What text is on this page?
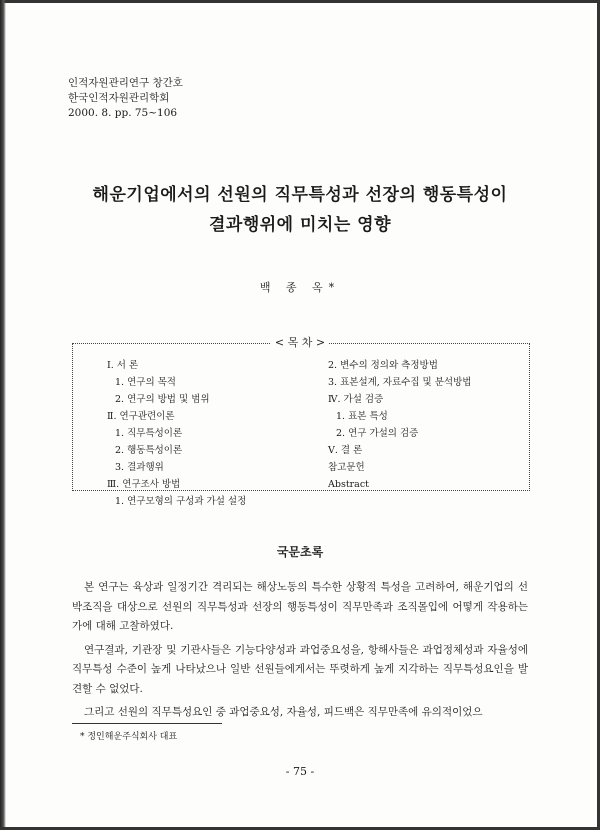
인적자원관리연구 창간호
한국인적자원관리학회
2000. 8. pp. 75~106
해운기업에서의 선원의 직무특성과 선장의 행동특성이
결과행위에 미치는 영향
백 종 옥*
< 목 차 >
Ⅰ. 서 론
1. 연구의 목적
2. 연구의 방법 및 범위
Ⅱ. 연구관련이론
1. 직무특성이론
2. 행동특성이론
3. 결과행위
Ⅲ. 연구조사 방법
1. 연구모형의 구성과 가설 설정
2. 변수의 정의와 측정방법
3. 표본설계, 자료수집 및 분석방법
Ⅳ. 가설 검증
1. 표본 특성
2. 연구 가설의 검증
Ⅴ. 결 론
참고문헌
Abstract
국문초록

본 연구는 육상과 일정기간 격리되는 해상노동의 특수한 상황적 특성을 고려하여, 해운기업의 선박조직을 대상으로 선원의 직무특성과 선장의 행동특성이 직무만족과 조직몰입에 어떻게 작용하는가에 대해 고찰하였다.

연구결과, 기관장 및 기관사들은 기능다양성과 과업중요성을, 항해사들은 과업정체성과 자율성에 직무특성 수준이 높게 나타났으나 일반 선원들에게서는 뚜렷하게 높게 지각하는 직무특성요인을 발견할 수 없었다.

그리고 선원의 직무특성요인 중 과업중요성, 자율성, 피드백은 직무만족에 유의적이었으

* 정인해운주식회사 대표
- 75 -
